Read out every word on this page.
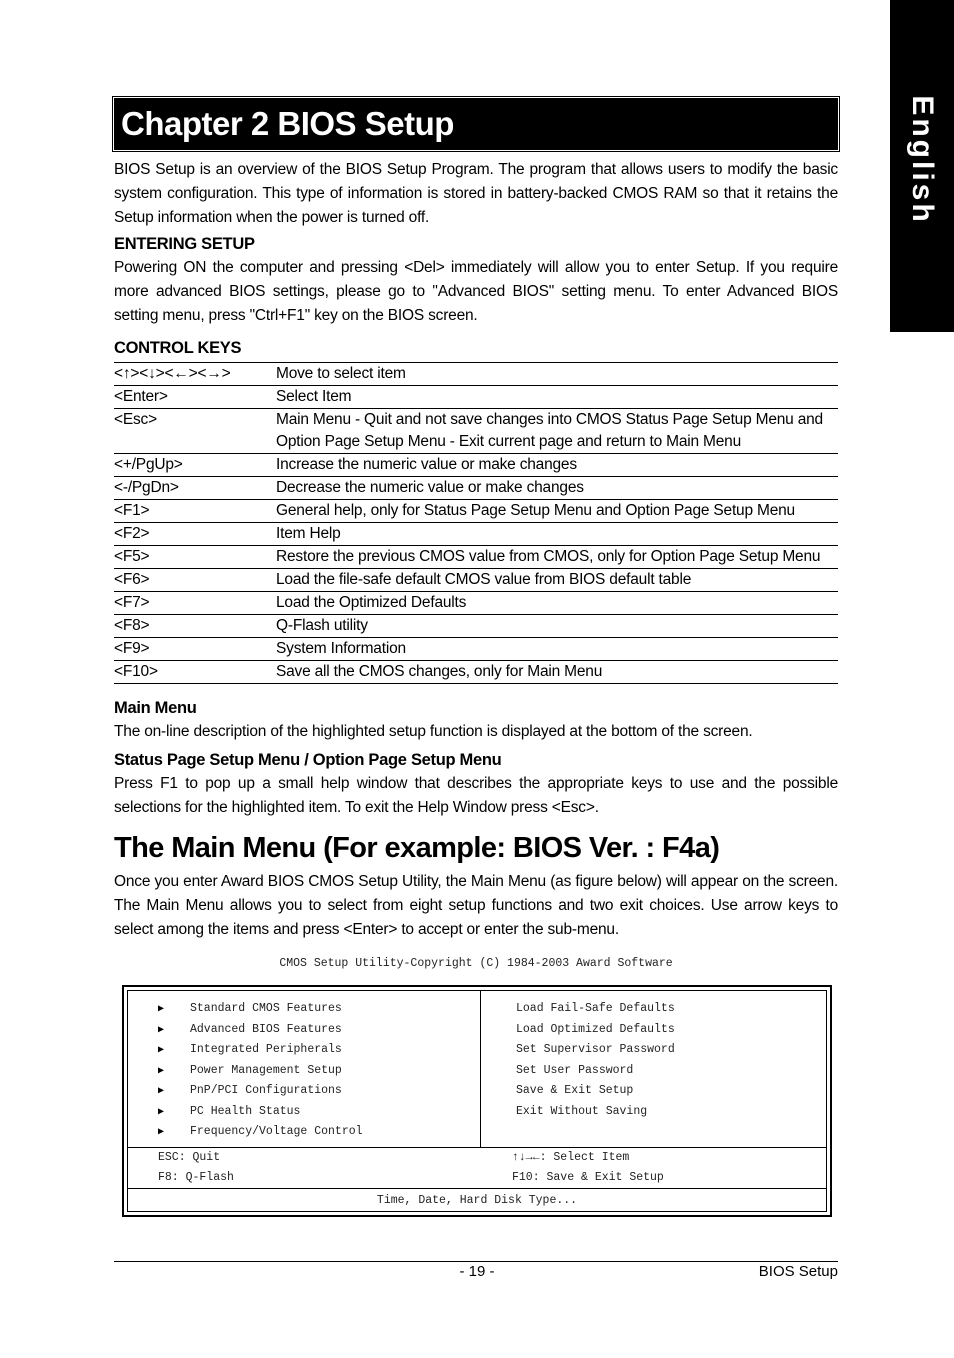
English
Chapter 2 BIOS Setup

BIOS Setup is an overview of the BIOS Setup Program. The program that allows users to modify the basic system configuration. This type of information is stored in battery-backed CMOS RAM so that it retains the Setup information when the power is turned off.

ENTERING SETUP

Powering ON the computer and pressing <Del> immediately will allow you to enter Setup. If you require more advanced BIOS settings, please go to "Advanced BIOS" setting menu. To enter Advanced BIOS setting menu, press "Ctrl+F1" key on the BIOS screen.

CONTROL KEYS
<↑><↓><←><→>	Move to select item
<Enter>	Select Item
<Esc>	Main Menu - Quit and not save changes into CMOS Status Page Setup Menu and Option Page Setup Menu - Exit current page and return to Main Menu
<+/PgUp>	Increase the numeric value or make changes
<-/PgDn>	Decrease the numeric value or make changes
<F1>	General help, only for Status Page Setup Menu and Option Page Setup Menu
<F2>	Item Help
<F5>	Restore the previous CMOS value from CMOS, only for Option Page Setup Menu
<F6>	Load the file-safe default CMOS value from BIOS default table
<F7>	Load the Optimized Defaults
<F8>	Q-Flash utility
<F9>	System Information
<F10>	Save all the CMOS changes, only for Main Menu
Main Menu

The on-line description of the highlighted setup function is displayed at the bottom of the screen.

Status Page Setup Menu / Option Page Setup Menu

Press F1 to pop up a small help window that describes the appropriate keys to use and the possible selections for the highlighted item. To exit the Help Window press <Esc>.

The Main Menu (For example: BIOS Ver. : F4a)

Once you enter Award BIOS CMOS Setup Utility, the Main Menu (as figure below) will appear on the screen. The Main Menu allows you to select from eight setup functions and two exit choices. Use arrow keys to select among the items and press <Enter> to accept or enter the sub-menu.

CMOS Setup Utility-Copyright (C) 1984-2003 Award Software
▶ Standard CMOS Features
▶ Advanced BIOS Features
▶ Integrated Peripherals
▶ Power Management Setup
▶ PnP/PCI Configurations
▶ PC Health Status
▶ Frequency/Voltage Control
Load Fail-Safe Defaults
Load Optimized Defaults
Set Supervisor Password
Set User Password
Save & Exit Setup
Exit Without Saving
ESC: Quit	↑↓→←: Select Item
F8: Q-Flash	F10: Save & Exit Setup
Time, Date, Hard Disk Type...
- 19 -	BIOS Setup
